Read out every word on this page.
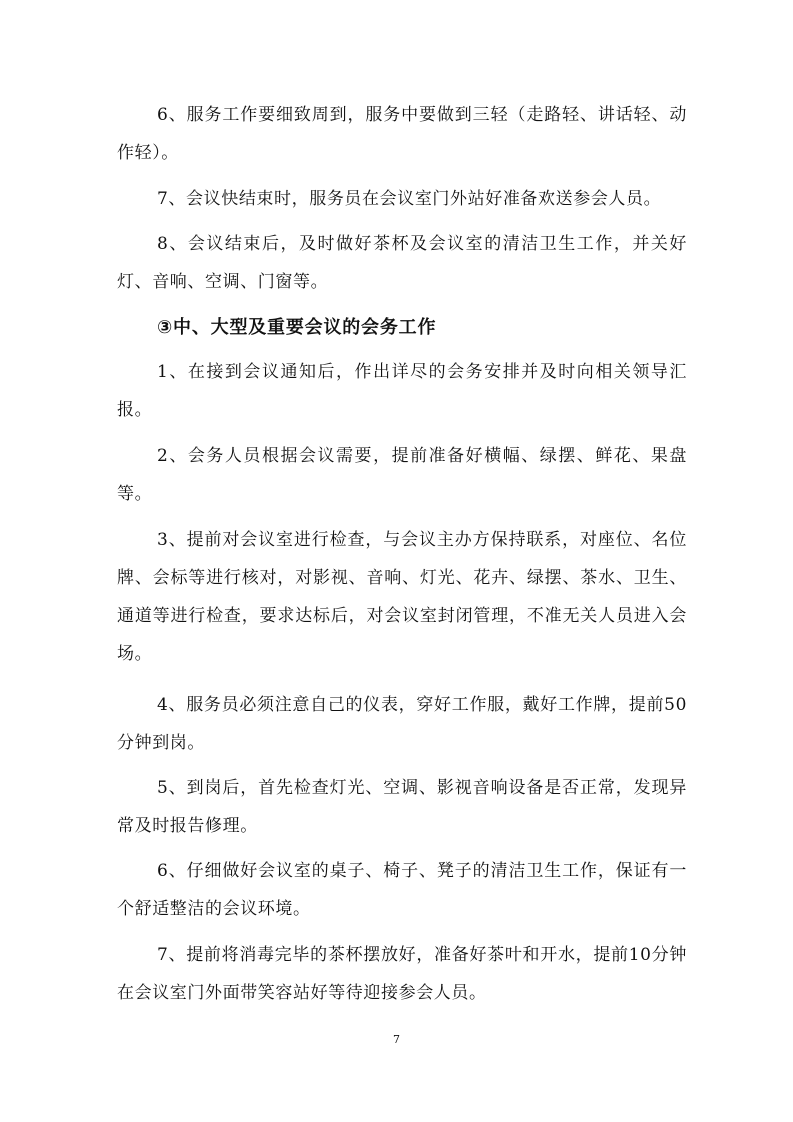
6、服务工作要细致周到，服务中要做到三轻（走路轻、讲话轻、动作轻）。

7、会议快结束时，服务员在会议室门外站好准备欢送参会人员。

8、会议结束后，及时做好茶杯及会议室的清洁卫生工作，并关好灯、音响、空调、门窗等。

③中、大型及重要会议的会务工作

1、在接到会议通知后，作出详尽的会务安排并及时向相关领导汇报。

2、会务人员根据会议需要，提前准备好横幅、绿摆、鲜花、果盘等。

3、提前对会议室进行检查，与会议主办方保持联系，对座位、名位牌、会标等进行核对，对影视、音响、灯光、花卉、绿摆、茶水、卫生、通道等进行检查，要求达标后，对会议室封闭管理，不准无关人员进入会场。

4、服务员必须注意自己的仪表，穿好工作服，戴好工作牌，提前50分钟到岗。

5、到岗后，首先检查灯光、空调、影视音响设备是否正常，发现异常及时报告修理。

6、仔细做好会议室的桌子、椅子、凳子的清洁卫生工作，保证有一个舒适整洁的会议环境。

7、提前将消毒完毕的茶杯摆放好，准备好茶叶和开水，提前10分钟在会议室门外面带笑容站好等待迎接参会人员。

7
